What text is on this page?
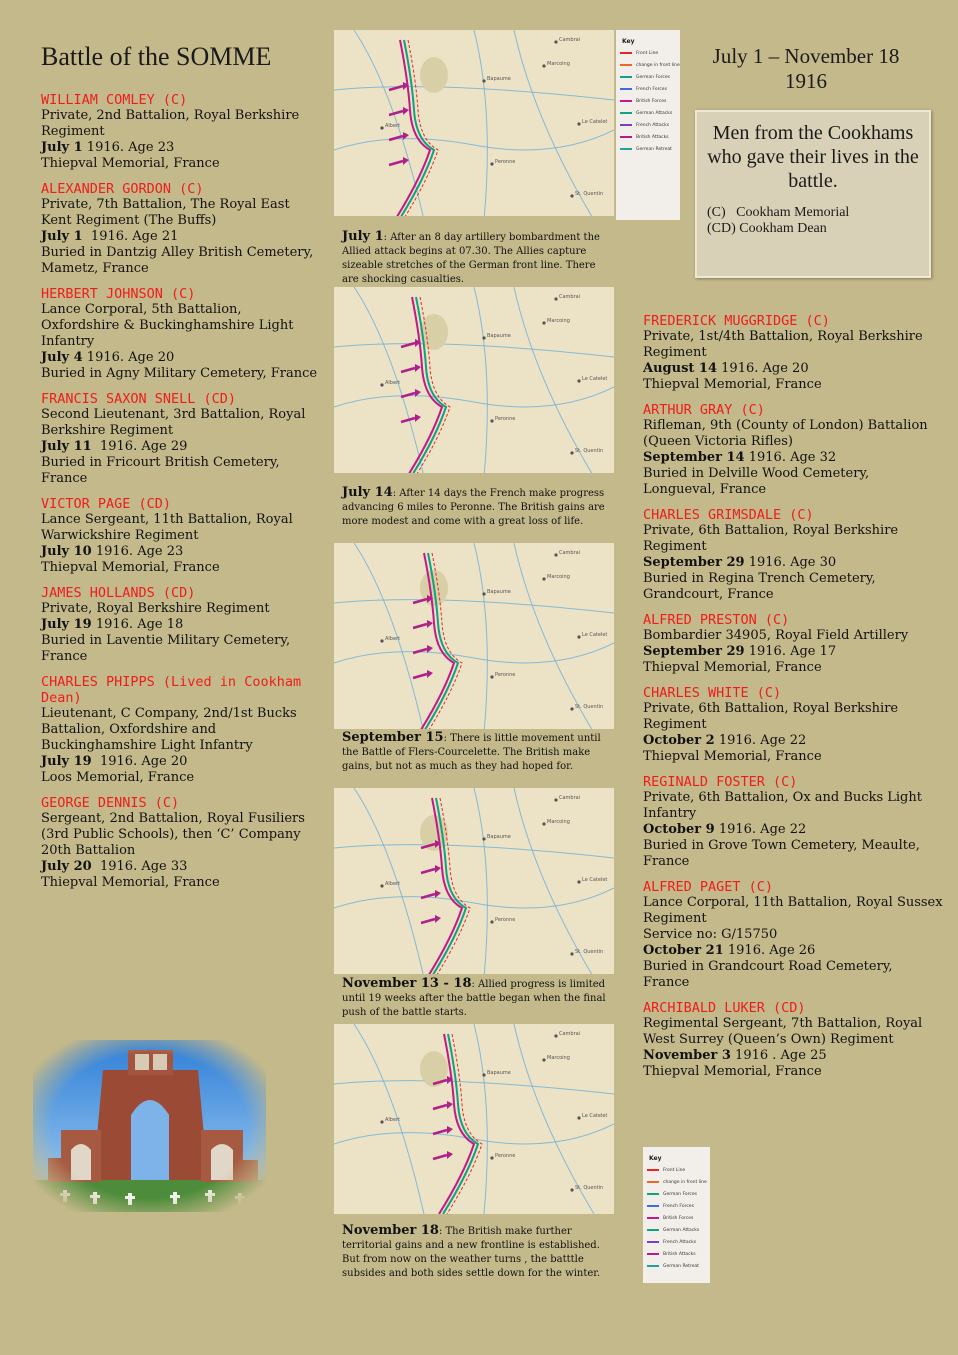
Battle of the SOMME	July 1 – November 18
1916
Men from the Cookhams who gave their lives in the battle.
(C) Cookham Memorial
(CD) Cookham Dean
WILLIAM COMLEY (C)
Private, 2nd Battalion, Royal Berkshire Regiment
July 1 1916. Age 23
Thiepval Memorial, France
ALEXANDER GORDON (C)
Private, 7th Battalion, The Royal East Kent Regiment (The Buffs)
July 1  1916. Age 21
Buried in Dantzig Alley British Cemetery, Mametz, France
HERBERT JOHNSON (C)
Lance Corporal, 5th Battalion, Oxfordshire & Buckinghamshire Light Infantry
July 4 1916. Age 20
Buried in Agny Military Cemetery, France
FRANCIS SAXON SNELL (CD)
Second Lieutenant, 3rd Battalion, Royal Berkshire Regiment
July 11  1916. Age 29
Buried in Fricourt British Cemetery, France
VICTOR PAGE (CD)
Lance Sergeant, 11th Battalion, Royal Warwickshire Regiment
July 10 1916. Age 23
Thiepval Memorial, France
JAMES HOLLANDS (CD)
Private, Royal Berkshire Regiment
July 19 1916. Age 18
Buried in Laventie Military Cemetery, France
CHARLES PHIPPS (Lived in Cookham Dean)
Lieutenant, C Company, 2nd/1st Bucks Battalion, Oxfordshire and Buckinghamshire Light Infantry
July 19  1916. Age 20
Loos Memorial, France
GEORGE DENNIS (C)
Sergeant, 2nd Battalion, Royal Fusiliers (3rd Public Schools), then ‘C’ Company 20th Battalion
July 20  1916. Age 33
Thiepval Memorial, France
FREDERICK MUGGRIDGE (C)
Private, 1st/4th Battalion, Royal Berkshire Regiment
August 14 1916. Age 20
Thiepval Memorial, France
ARTHUR GRAY (C)
Rifleman, 9th (County of London) Battalion (Queen Victoria Rifles)
September 14 1916. Age 32
Buried in Delville Wood Cemetery, Longueval, France
CHARLES GRIMSDALE (C)
Private, 6th Battalion, Royal Berkshire Regiment
September 29 1916. Age 30
Buried in Regina Trench Cemetery, Grandcourt, France
ALFRED PRESTON (C)
Bombardier 34905, Royal Field Artillery
September 29 1916. Age 17
Thiepval Memorial, France
CHARLES WHITE (C)
Private, 6th Battalion, Royal Berkshire Regiment
October 2 1916. Age 22
Thiepval Memorial, France
REGINALD FOSTER (C)
Private, 6th Battalion, Ox and Bucks Light Infantry
October 9 1916. Age 22
Buried in Grove Town Cemetery, Meaulte, France
ALFRED PAGET (C)
Lance Corporal, 11th Battalion, Royal Sussex Regiment
Service no: G/15750
October 21 1916. Age 26
Buried in Grandcourt Road Cemetery, France
ARCHIBALD LUKER (CD)
Regimental Sergeant, 7th Battalion, Royal West Surrey (Queen’s Own) Regiment
November 3 1916 . Age 25
Thiepval Memorial, France
Cambrai
Bapaume
Albert
Peronne
St. Quentin
Marcoing
Le Catelet
Key
Front Line
change in front line
German Forces
French Forces
British Forces
German Attacks
French Attacks
British Attacks
German Retreat
July 1: After an 8 day artillery bombardment the Allied attack begins at 07.30. The Allies capture sizeable stretches of the German front line. There are shocking casualties.
Cambrai
Bapaume
Albert
Peronne
St. Quentin
Marcoing
Le Catelet
July 14: After 14 days the French make progress advancing 6 miles to Peronne. The British gains are more modest and come with a great loss of life.
Cambrai
Bapaume
Albert
Peronne
St. Quentin
Marcoing
Le Catelet
September 15: There is little movement until the Battle of Flers-Courcelette. The British make gains, but not as much as they had hoped for.
Cambrai
Bapaume
Albert
Peronne
St. Quentin
Marcoing
Le Catelet
November 13 - 18: Allied progress is limited until 19 weeks after the battle began when the final push of the battle starts.
Cambrai
Bapaume
Albert
Peronne
St. Quentin
Marcoing
Le Catelet
November 18: The British make further territorial gains and a new frontline is established. But from now on the weather turns , the batttle subsides and both sides settle down for the winter.
Key
Front Line
change in front line
German Forces
French Forces
British Forces
German Attacks
French Attacks
British Attacks
German Retreat
